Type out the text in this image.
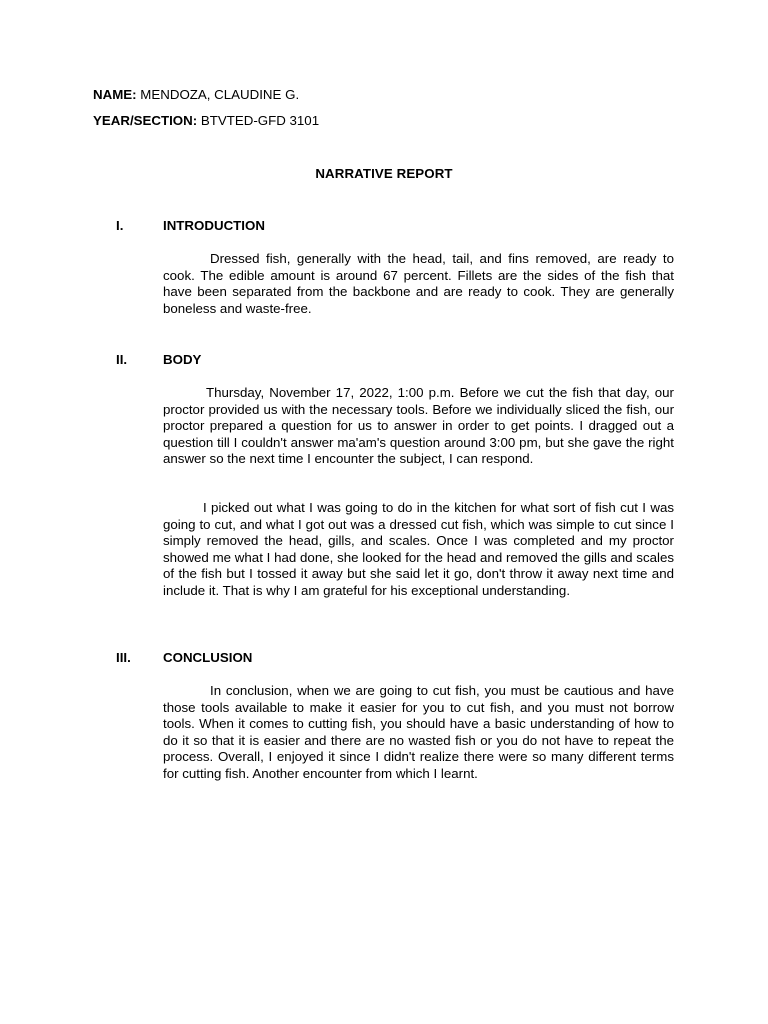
NAME: MENDOZA, CLAUDINE G.
YEAR/SECTION: BTVTED-GFD 3101
NARRATIVE REPORT
I.	INTRODUCTION

Dressed fish, generally with the head, tail, and fins removed, are ready to cook. The edible amount is around 67 percent. Fillets are the sides of the fish that have been separated from the backbone and are ready to cook. They are generally boneless and waste-free.

II.	BODY

Thursday, November 17, 2022, 1:00 p.m. Before we cut the fish that day, our proctor provided us with the necessary tools. Before we individually sliced the fish, our proctor prepared a question for us to answer in order to get points. I dragged out a question till I couldn't answer ma'am's question around 3:00 pm, but she gave the right answer so the next time I encounter the subject, I can respond.

I picked out what I was going to do in the kitchen for what sort of fish cut I was going to cut, and what I got out was a dressed cut fish, which was simple to cut since I simply removed the head, gills, and scales. Once I was completed and my proctor showed me what I had done, she looked for the head and removed the gills and scales of the fish but I tossed it away but she said let it go, don't throw it away next time and include it. That is why I am grateful for his exceptional understanding.

III. CONCLUSION

In conclusion, when we are going to cut fish, you must be cautious and have those tools available to make it easier for you to cut fish, and you must not borrow tools. When it comes to cutting fish, you should have a basic understanding of how to do it so that it is easier and there are no wasted fish or you do not have to repeat the process. Overall, I enjoyed it since I didn't realize there were so many different terms for cutting fish. Another encounter from which I learnt.
